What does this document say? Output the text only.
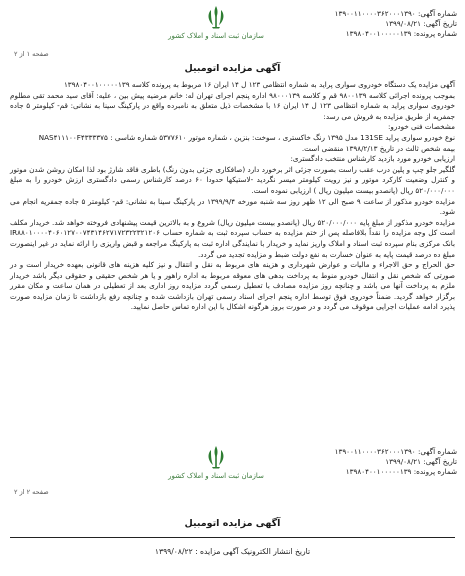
شماره آگهی: ۱۳۹۰۰۱۱۰۰۰۰۳۶۲۰۰۰۱۳۹۰
تاریخ آگهی: ۱۳۹۹/۰۸/۲۱
شماره پرونده: ۱۳۹۸۰۴۰۰۱۰۰۰۰۰۱۳۹
سازمان ثبت اسناد و املاک کشور
صفحه ۱ از ۲
آگهی مزایده اتومبیل

آگهی مزایده یک دستگاه خودروی سواری پراید به شماره انتظامی ۱۲۳ ل ۱۴ ایران ۱۶ مربوط به پرونده کلاسه ۱۳۹۸۰۴۰۰۱۰۰۰۰۰۱۳۹

بموجب پرونده اجرائی کلاسه ۹۸۰۰۱۳۹ قم و کلاسه ۹۸۰۰۰۱۳۹ اداره پنجم اجرای تهران له: خانم مرضیه پیش بین ، علیه: آقای سید محمد تقی مطلوم خودروی سواری پراید به شماره انتظامی ۱۲۳ ل ۱۴ ایران ۱۶ با مشخصات ذیل متعلق به نامبرده واقع در پارکینگ سینا به نشانی: قم- کیلومتر ۵ جاده جمفریه از طریق مزایده به فروش می رسد:

مشخصات فنی خودرو:

نوع خودرو سواری پراید 131SE مدل ۱۳۹۵ رنگ خاکستری ، سوخت: بنزین ، شماره موتور ۵۳۷۷۶۱۰ شماره شاسی : NAS۴۱۱۱۰۰F۴۳۳۳۳۷۵

بیمه شخص ثالث در تاریخ ۱۳۹۸/۲/۱۳ منقضی است.

ارزیابی خودرو مورد بازدید کارشناس منتخب دادگستری:

گلگیر جلو چپ و پلین درب عقب راست بصورت جزئی اثر برخورد دارد (صافکاری جزئی بدون رنگ) باطری فاقد شارژ بود لذا امکان روشن شدن موتور و کنترل وضعیت کارکرد موتور و نیز رویت کیلومتر میسر نگردید -لاستیکها حدودا ۶۰ درصد کارشناس رسمی دادگستری ارزش خودرو را به مبلغ ۵۲۰/۰۰۰/۰۰۰ ریال (پانصدو بیست میلیون ریال ) ارزیابی نموده است.

مزایده خودرو مذکور از ساعت ۹ صبح الی ۱۲ ظهر روز سه شنبه مورخه ۱۳۹۹/۹/۴ در پارکینگ سینا به نشانی: قم- کیلومتر ۵ جاده جمفریه انجام می شود.

مزایده خودرو مذکور از مبلغ پایه ۵۲۰/۰۰۰/۰۰۰ ریال (پانصدو بیست میلیون ریال) شروع و به بالاترین قیمت پیشنهادی فروخته خواهد شد. خریدار مکلف است کل وجه مزایده را نقداً بلافاصله پس از ختم مزایده به حساب سپرده ثبت به شماره حساب IR۸۸۰۱۰۰۰۰۴۰۶۰۱۲۷۰۰۷۴۳۱۴۶۲۷۱۷۲۳۲۲۳۲۱۲۰۶ بانک مرکزی بنام سپرده ثبت اسناد و املاک واریز نماید و خریدار با نمایندگی اداره ثبت به پارکینگ مراجعه و قبض واریزی را ارائه نماید در غیر اینصورت مبلغ ده درصد قیمت پایه به عنوان خسارت به نفع دولت ضبط و مزایده تجدید می گردد.

حق الحراج و حق الاجراء و مالیات و عوارض شهرداری و هزینه های مربوط به نقل و انتقال و نیز کلیه هزینه های قانونی بعهده خریدار است و در صورتی که شخص نقل و انتقال خودرو منوط به پرداخت بدهی های معوقه مربوط به اداره راهور و یا هر شخص حقیقی و حقوقی دیگر باشد خریدار ملزم به پرداخت آنها می باشد و چنانچه روز مزایده مصادف با تعطیل رسمی گردد مزایده روز اداری بعد از تعطیلی در همان ساعت و مکان مقرر برگزار خواهد گردید. ضمناً خودروی فوق توسط اداره پنجم اجرای اسناد رسمی تهران بازداشت شده و چنانچه رفع بازداشت تا زمان مزایده صورت پذیرد ادامه عملیات اجرایی موقوف می گردد و در صورت بروز هرگونه اشکال با این اداره تماس حاصل نمایید.

شماره آگهی: ۱۳۹۰۰۱۱۰۰۰۰۳۶۲۰۰۰۱۳۹۰
تاریخ آگهی: ۱۳۹۹/۰۸/۲۱
شماره پرونده: ۱۳۹۸۰۴۰۰۱۰۰۰۰۰۱۳۹
سازمان ثبت اسناد و املاک کشور
صفحه ۲ از ۲
آگهی مزایده اتومبیل
تاریخ انتشار الکترونیک آگهی مزایده : ۱۳۹۹/۰۸/۲۲
